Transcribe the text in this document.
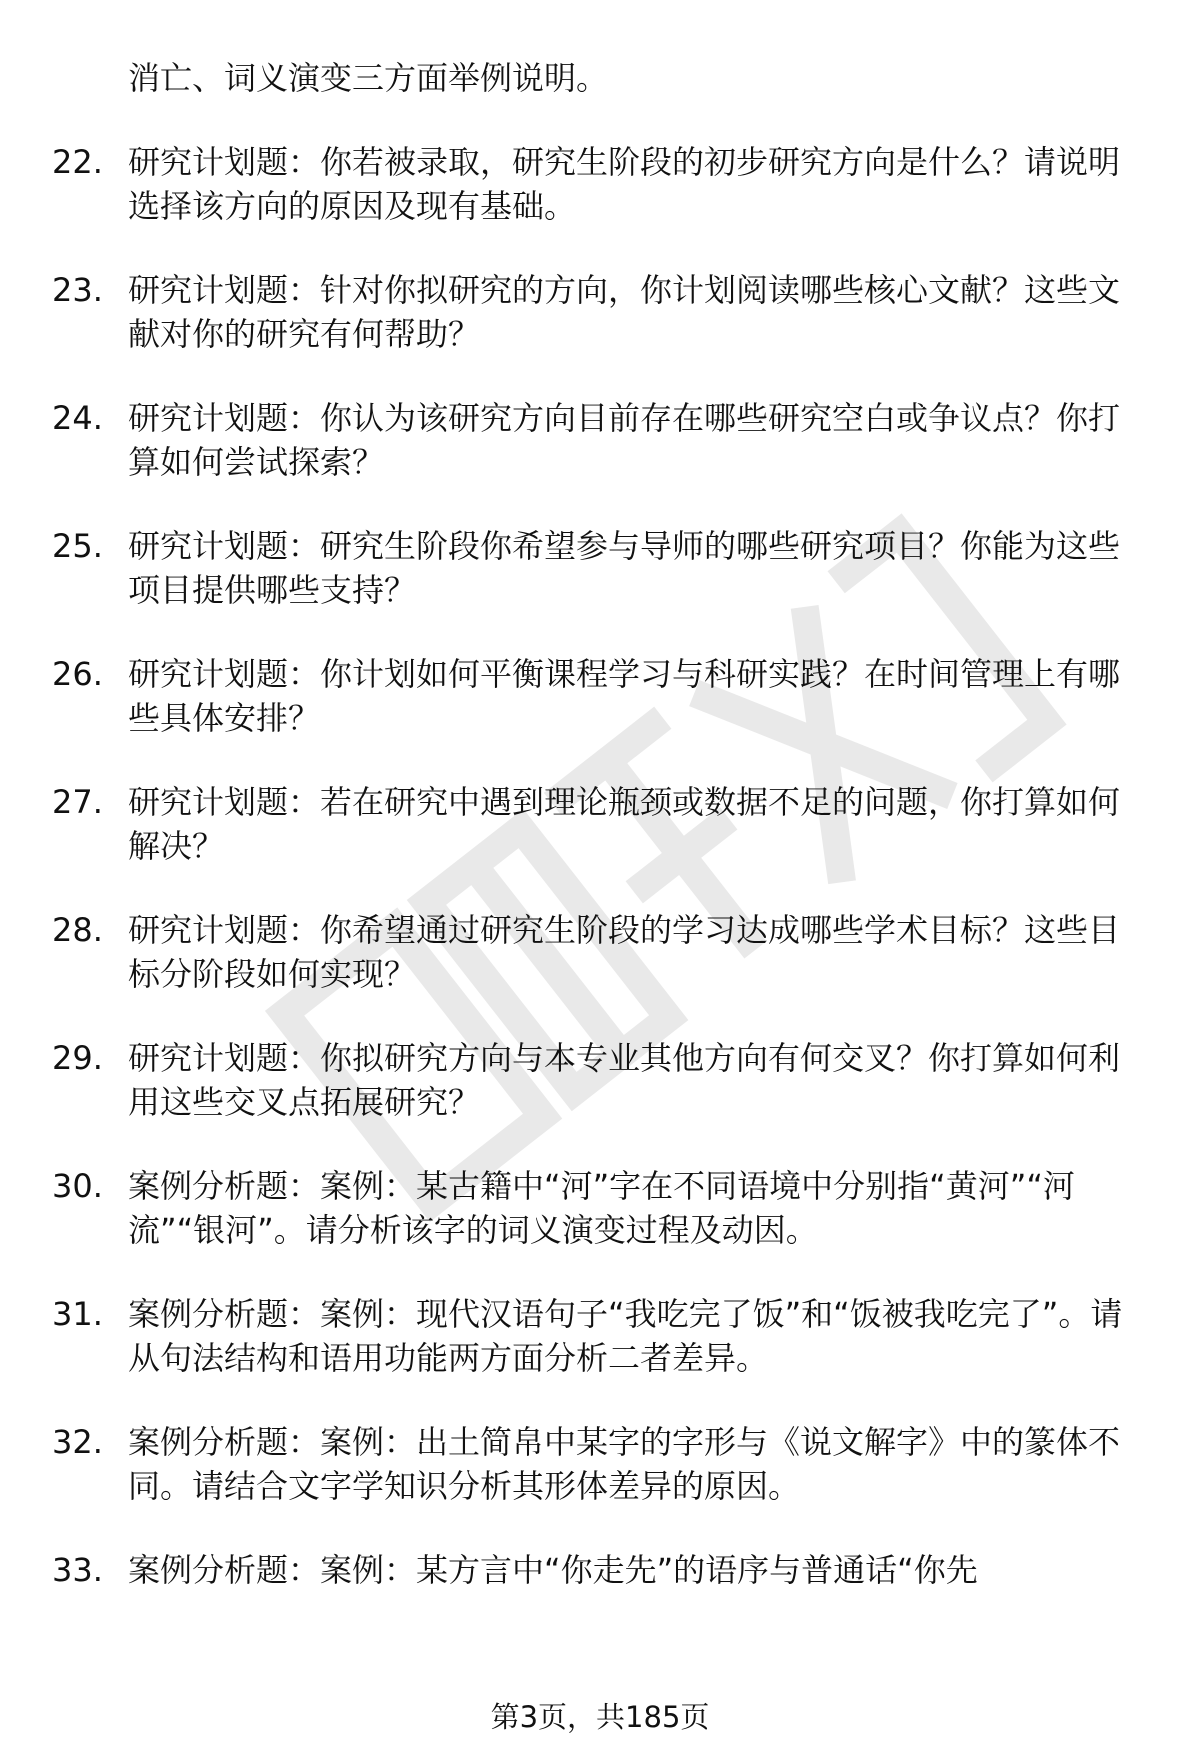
消亡、词义演变三方面举例说明。
22. 研究计划题：你若被录取，研究生阶段的初步研究方向是什么？请说明选择该方向的原因及现有基础。
23. 研究计划题：针对你拟研究的方向，你计划阅读哪些核心文献？这些文献对你的研究有何帮助？
24. 研究计划题：你认为该研究方向目前存在哪些研究空白或争议点？你打算如何尝试探索？
25. 研究计划题：研究生阶段你希望参与导师的哪些研究项目？你能为这些项目提供哪些支持？
26. 研究计划题：你计划如何平衡课程学习与科研实践？在时间管理上有哪些具体安排？
27. 研究计划题：若在研究中遇到理论瓶颈或数据不足的问题，你打算如何解决？
28. 研究计划题：你希望通过研究生阶段的学习达成哪些学术目标？这些目标分阶段如何实现？
29. 研究计划题：你拟研究方向与本专业其他方向有何交叉？你打算如何利用这些交叉点拓展研究？
30. 案例分析题：案例：某古籍中“河”字在不同语境中分别指“黄河”“河流”“银河”。请分析该字的词义演变过程及动因。
31. 案例分析题：案例：现代汉语句子“我吃完了饭”和“饭被我吃完了”。请从句法结构和语用功能两方面分析二者差异。
32. 案例分析题：案例：出土简帛中某字的字形与《说文解字》中的篆体不同。请结合文字学知识分析其形体差异的原因。
33. 案例分析题：案例：某方言中“你走先”的语序与普通话“你先
第3页，共185页
